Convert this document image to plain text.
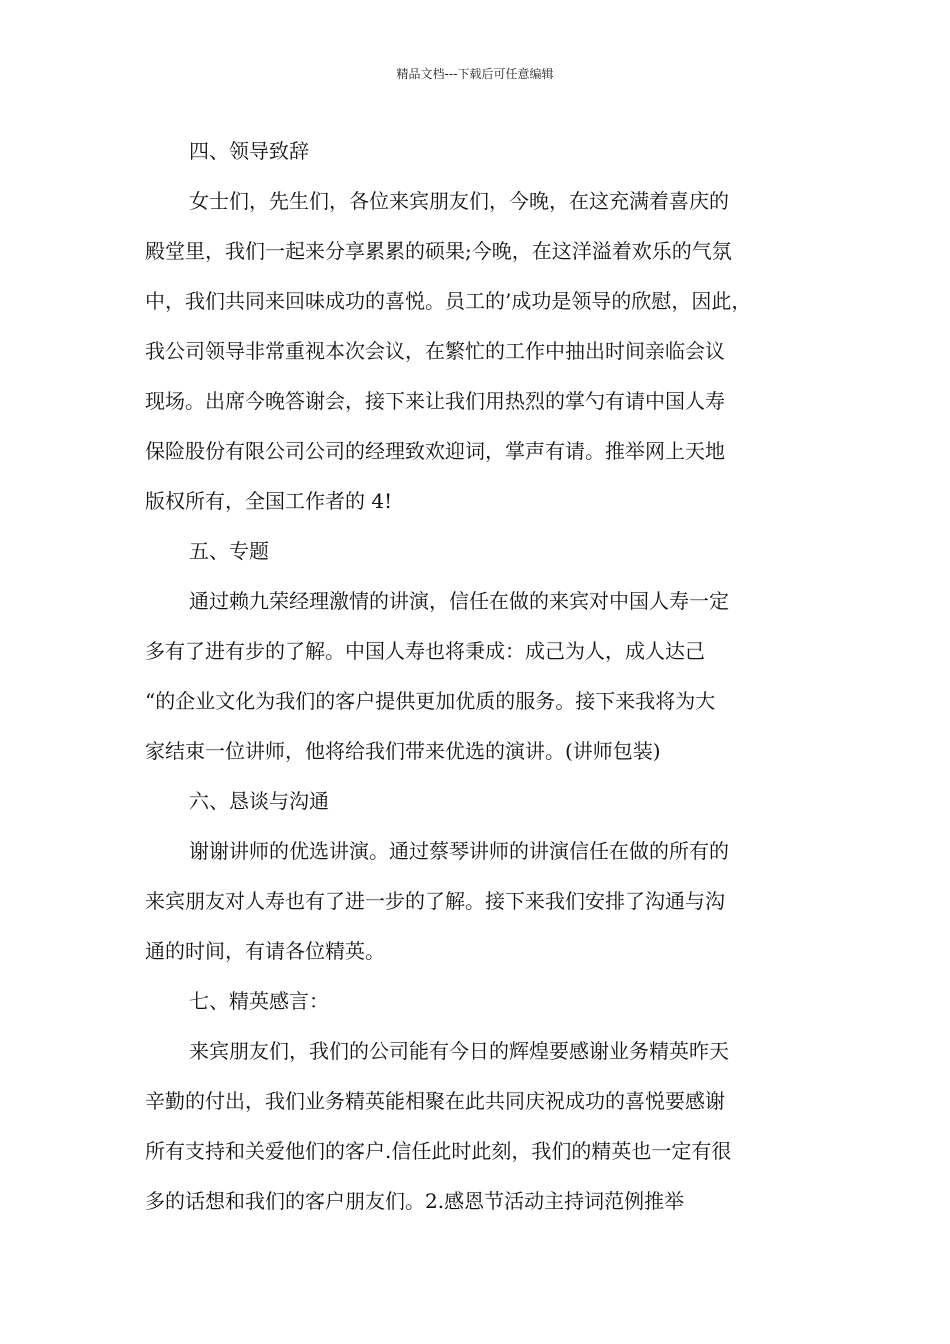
精品文档---下载后可任意编辑
四、领导致辞

女士们，先生们，各位来宾朋友们，今晚，在这充满着喜庆的
殿堂里，我们一起来分享累累的硕果;今晚，在这洋溢着欢乐的气氛
中，我们共同来回味成功的喜悦。员工的’成功是领导的欣慰，因此，
我公司领导非常重视本次会议，在繁忙的工作中抽出时间亲临会议
现场。出席今晚答谢会，接下来让我们用热烈的掌勺有请中国人寿
保险股份有限公司公司的经理致欢迎词，掌声有请。推举网上天地
版权所有，全国工作者的 4!

五、专题

通过赖九荣经理激情的讲演，信任在做的来宾对中国人寿一定
多有了进有步的了解。中国人寿也将秉成：成己为人，成人达己
“的企业文化为我们的客户提供更加优质的服务。接下来我将为大
家结束一位讲师，他将给我们带来优选的演讲。(讲师包装)

六、恳谈与沟通

谢谢讲师的优选讲演。通过蔡琴讲师的讲演信任在做的所有的
来宾朋友对人寿也有了进一步的了解。接下来我们安排了沟通与沟
通的时间，有请各位精英。

七、精英感言：

来宾朋友们，我们的公司能有今日的辉煌要感谢业务精英昨天
辛勤的付出，我们业务精英能相聚在此共同庆祝成功的喜悦要感谢
所有支持和关爱他们的客户.信任此时此刻，我们的精英也一定有很
多的话想和我们的客户朋友们。2.感恩节活动主持词范例推举
